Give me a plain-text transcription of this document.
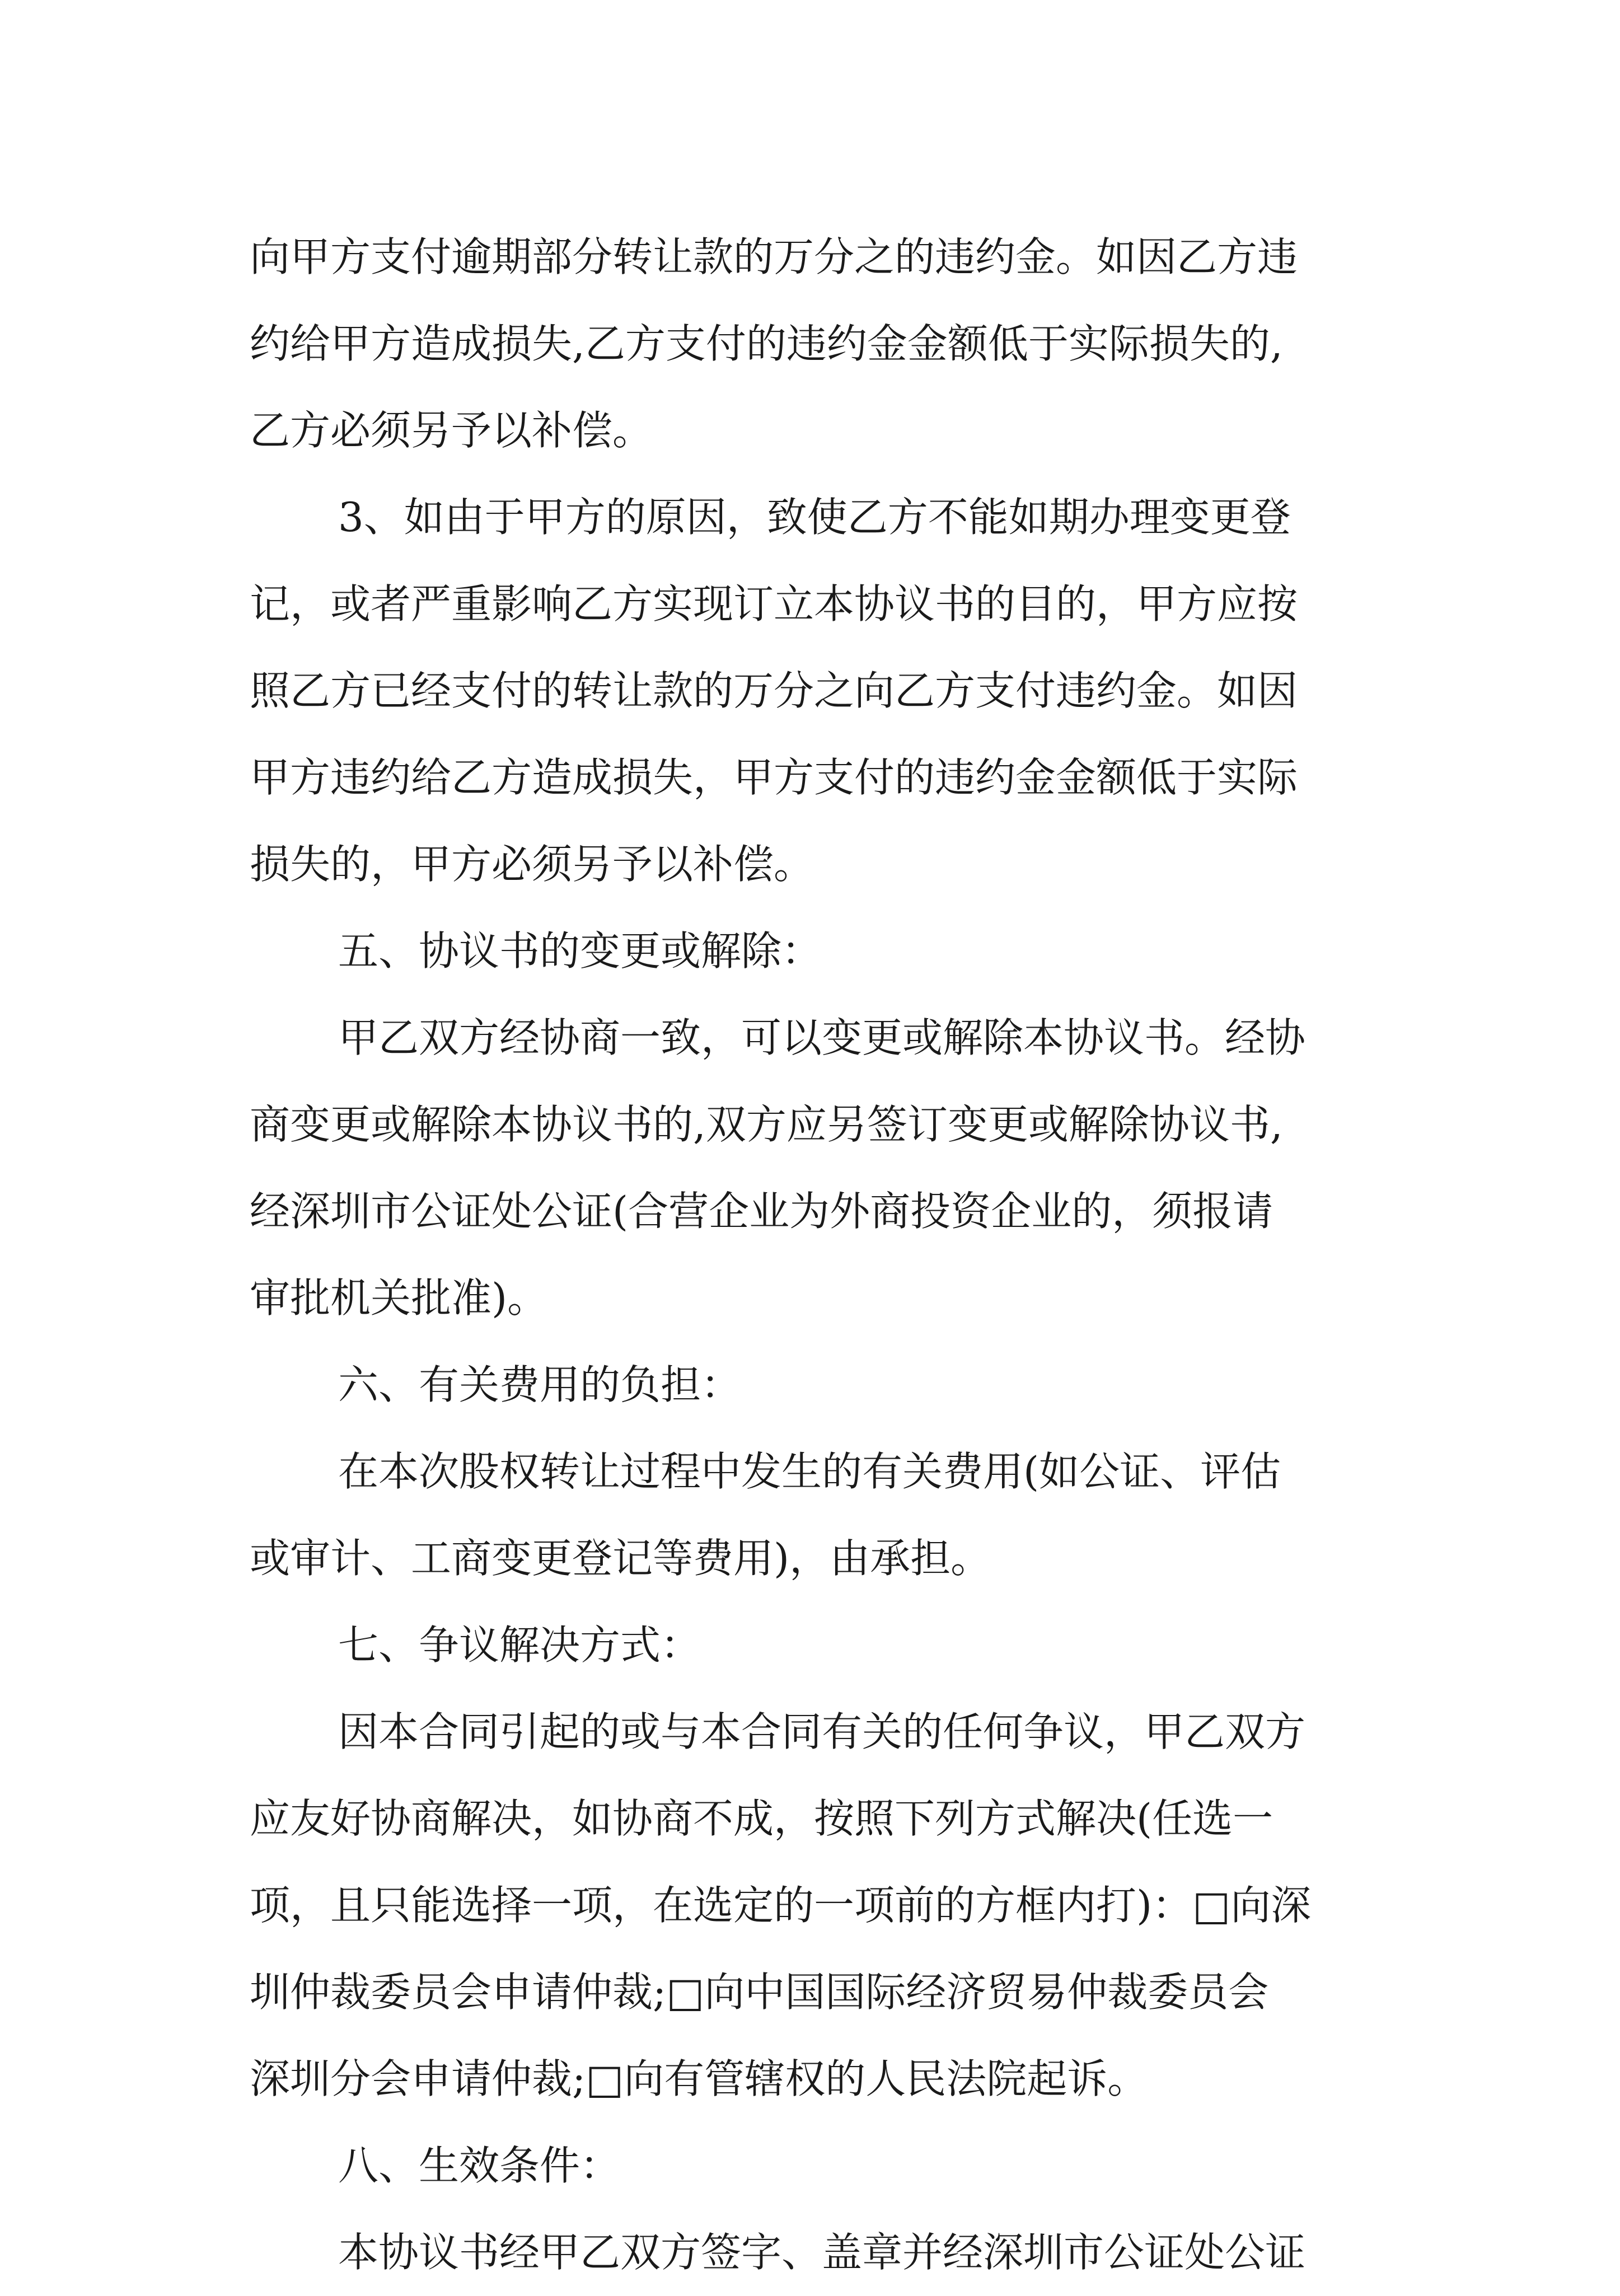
向甲方支付逾期部分转让款的万分之的违约金。如因乙方违
约给甲方造成损失,乙方支付的违约金金额低于实际损失的,
乙方必须另予以补偿。
3、如由于甲方的原因，致使乙方不能如期办理变更登
记，或者严重影响乙方实现订立本协议书的目的，甲方应按
照乙方已经支付的转让款的万分之向乙方支付违约金。如因
甲方违约给乙方造成损失，甲方支付的违约金金额低于实际
损失的，甲方必须另予以补偿。
五、协议书的变更或解除：
甲乙双方经协商一致，可以变更或解除本协议书。经协
商变更或解除本协议书的,双方应另签订变更或解除协议书,
经深圳市公证处公证(合营企业为外商投资企业的，须报请
审批机关批准)。
六、有关费用的负担：
在本次股权转让过程中发生的有关费用(如公证、评估
或审计、工商变更登记等费用)，由承担。
七、争议解决方式：
因本合同引起的或与本合同有关的任何争议，甲乙双方
应友好协商解决，如协商不成，按照下列方式解决(任选一
项，且只能选择一项，在选定的一项前的方框内打)：□向深
圳仲裁委员会申请仲裁;□向中国国际经济贸易仲裁委员会
深圳分会申请仲裁;□向有管辖权的人民法院起诉。
八、生效条件：
本协议书经甲乙双方签字、盖章并经深圳市公证处公证
